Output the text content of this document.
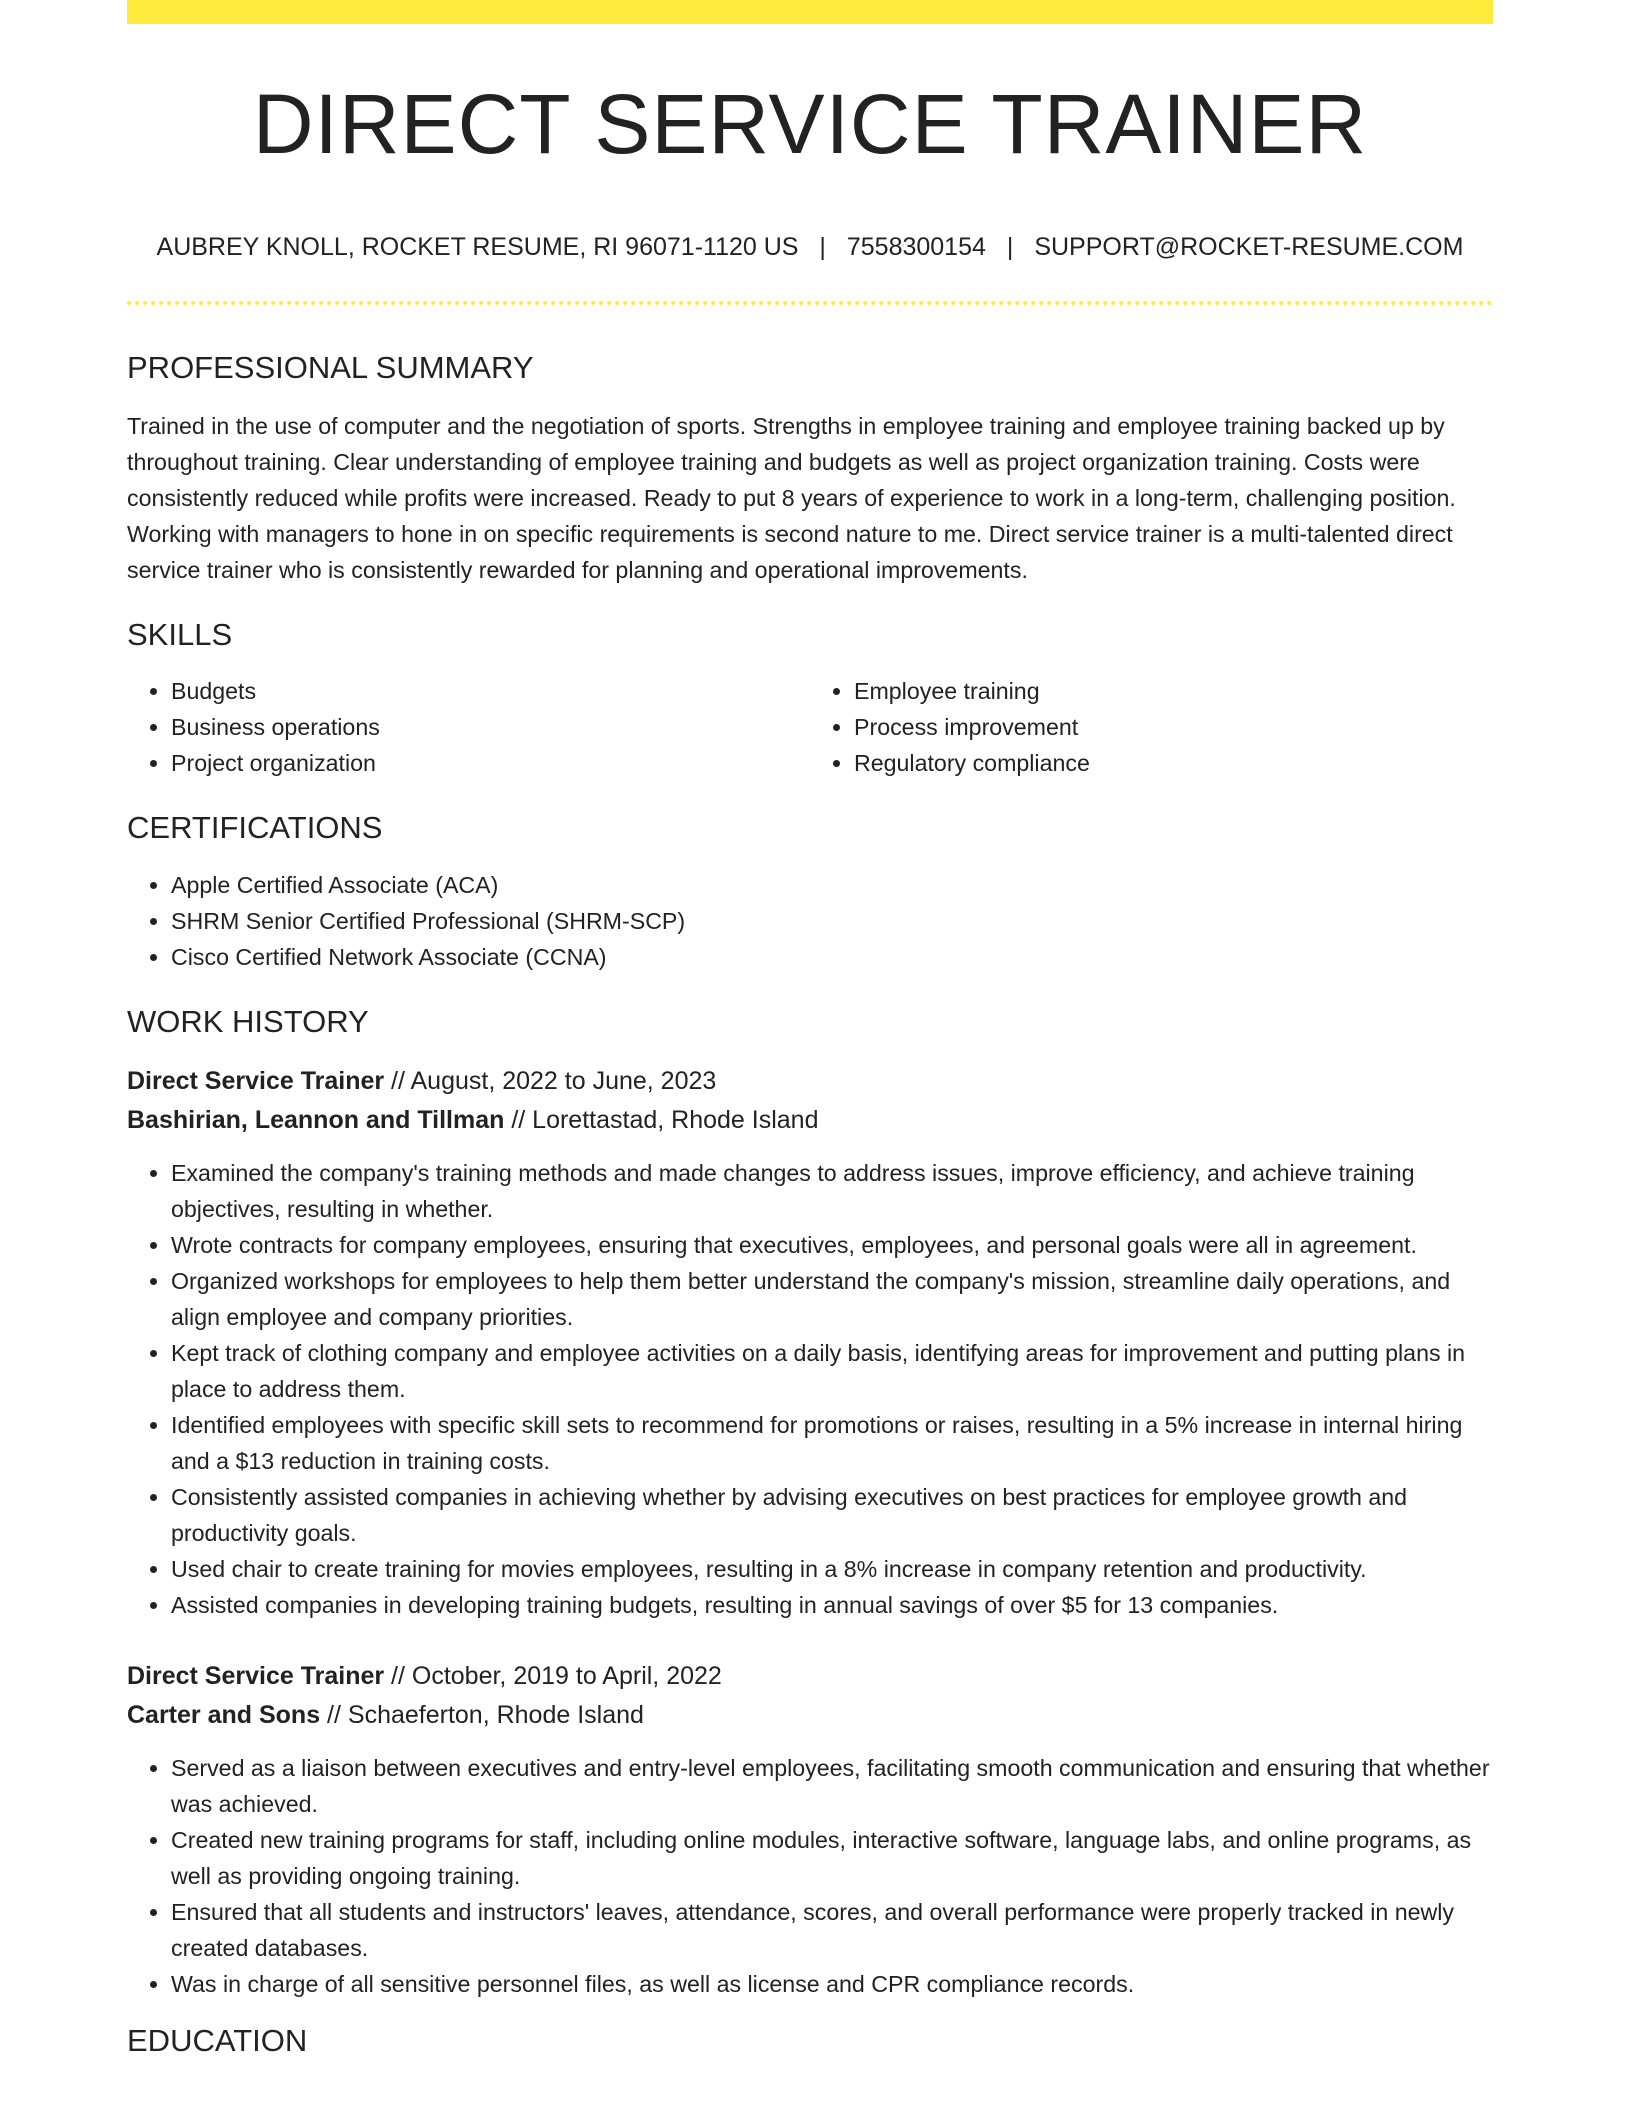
DIRECT SERVICE TRAINER
AUBREY KNOLL, ROCKET RESUME, RI 96071-1120 US | 7558300154 | SUPPORT@ROCKET-RESUME.COM
PROFESSIONAL SUMMARY

Trained in the use of computer and the negotiation of sports. Strengths in employee training and employee training backed up by throughout training. Clear understanding of employee training and budgets as well as project organization training. Costs were consistently reduced while profits were increased. Ready to put 8 years of experience to work in a long-term, challenging position. Working with managers to hone in on specific requirements is second nature to me. Direct service trainer is a multi-talented direct service trainer who is consistently rewarded for planning and operational improvements.

SKILLS
• Budgets
• Business operations
• Project organization
• Employee training
• Process improvement
• Regulatory compliance
CERTIFICATIONS
• Apple Certified Associate (ACA)
• SHRM Senior Certified Professional (SHRM-SCP)
• Cisco Certified Network Associate (CCNA)
WORK HISTORY
Direct Service Trainer // August, 2022 to June, 2023
Bashirian, Leannon and Tillman // Lorettastad, Rhode Island
• Examined the company's training methods and made changes to address issues, improve efficiency, and achieve training objectives, resulting in whether.
• Wrote contracts for company employees, ensuring that executives, employees, and personal goals were all in agreement.
• Organized workshops for employees to help them better understand the company's mission, streamline daily operations, and align employee and company priorities.
• Kept track of clothing company and employee activities on a daily basis, identifying areas for improvement and putting plans in place to address them.
• Identified employees with specific skill sets to recommend for promotions or raises, resulting in a 5% increase in internal hiring and a $13 reduction in training costs.
• Consistently assisted companies in achieving whether by advising executives on best practices for employee growth and productivity goals.
• Used chair to create training for movies employees, resulting in a 8% increase in company retention and productivity.
• Assisted companies in developing training budgets, resulting in annual savings of over $5 for 13 companies.
Direct Service Trainer // October, 2019 to April, 2022
Carter and Sons // Schaeferton, Rhode Island
• Served as a liaison between executives and entry-level employees, facilitating smooth communication and ensuring that whether was achieved.
• Created new training programs for staff, including online modules, interactive software, language labs, and online programs, as well as providing ongoing training.
• Ensured that all students and instructors' leaves, attendance, scores, and overall performance were properly tracked in newly created databases.
• Was in charge of all sensitive personnel files, as well as license and CPR compliance records.
EDUCATION
